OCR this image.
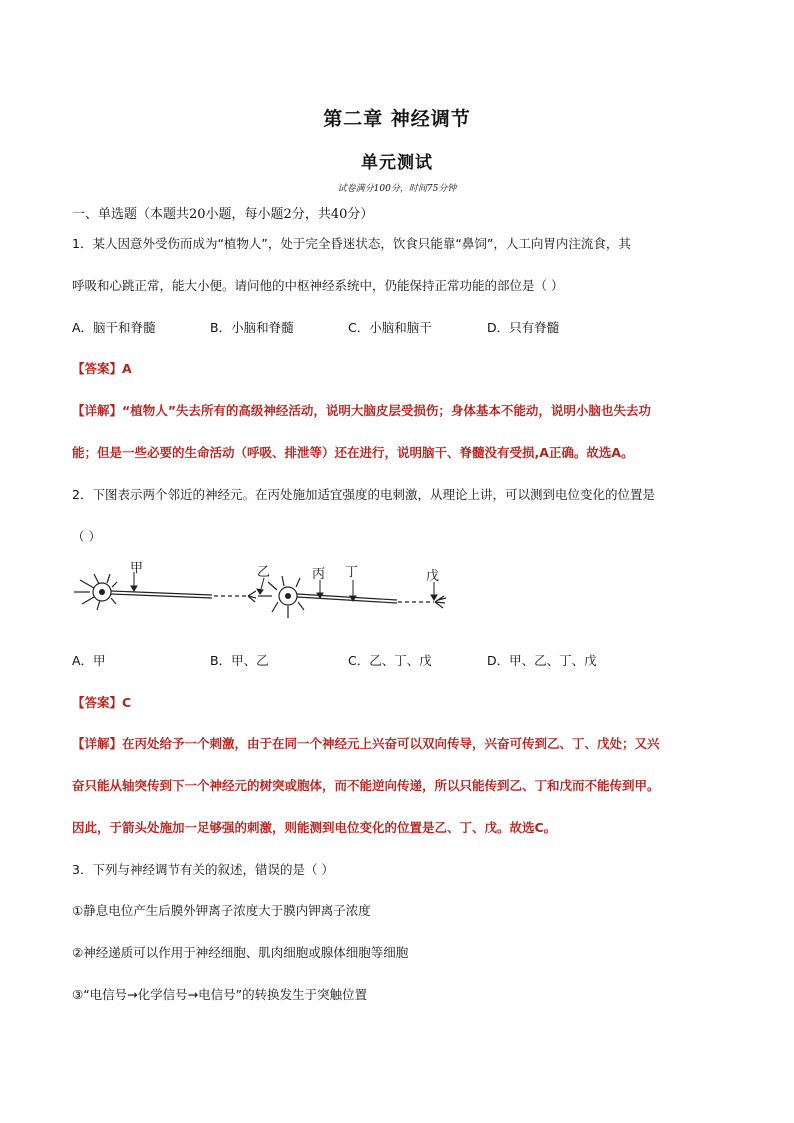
第二章 神经调节
单元测试
试卷满分100分，时间75分钟
一、单选题（本题共20小题，每小题2分，共40分）
1．某人因意外受伤而成为“植物人”，处于完全昏迷状态，饮食只能靠“鼻饲”，人工向胃内注流食，其
呼吸和心跳正常，能大小便。请问他的中枢神经系统中，仍能保持正常功能的部位是（ ）
A．脑干和脊髓	B．小脑和脊髓	C．小脑和脑干	D．只有脊髓
【答案】A
【详解】“植物人”失去所有的高级神经活动，说明大脑皮层受损伤；身体基本不能动，说明小脑也失去功
能；但是一些必要的生命活动（呼吸、排泄等）还在进行，说明脑干、脊髓没有受损,A正确。故选A。
2．下图表示两个邻近的神经元。在丙处施加适宜强度的电刺激，从理论上讲，可以测到电位变化的位置是
（ ）
甲	乙	丙 丁	戊
A．甲	B．甲、乙	C．乙、丁、戊	D．甲、乙、丁、戊
【答案】C
【详解】在丙处给予一个刺激，由于在同一个神经元上兴奋可以双向传导，兴奋可传到乙、丁、戊处；又兴
奋只能从轴突传到下一个神经元的树突或胞体，而不能逆向传递，所以只能传到乙、丁和戊而不能传到甲。
因此，于箭头处施加一足够强的刺激，则能测到电位变化的位置是乙、丁、戊。故选C。
3．下列与神经调节有关的叙述，错误的是（ ）
①静息电位产生后膜外钾离子浓度大于膜内钾离子浓度
②神经递质可以作用于神经细胞、肌肉细胞或腺体细胞等细胞
③“电信号→化学信号→电信号”的转换发生于突触位置
